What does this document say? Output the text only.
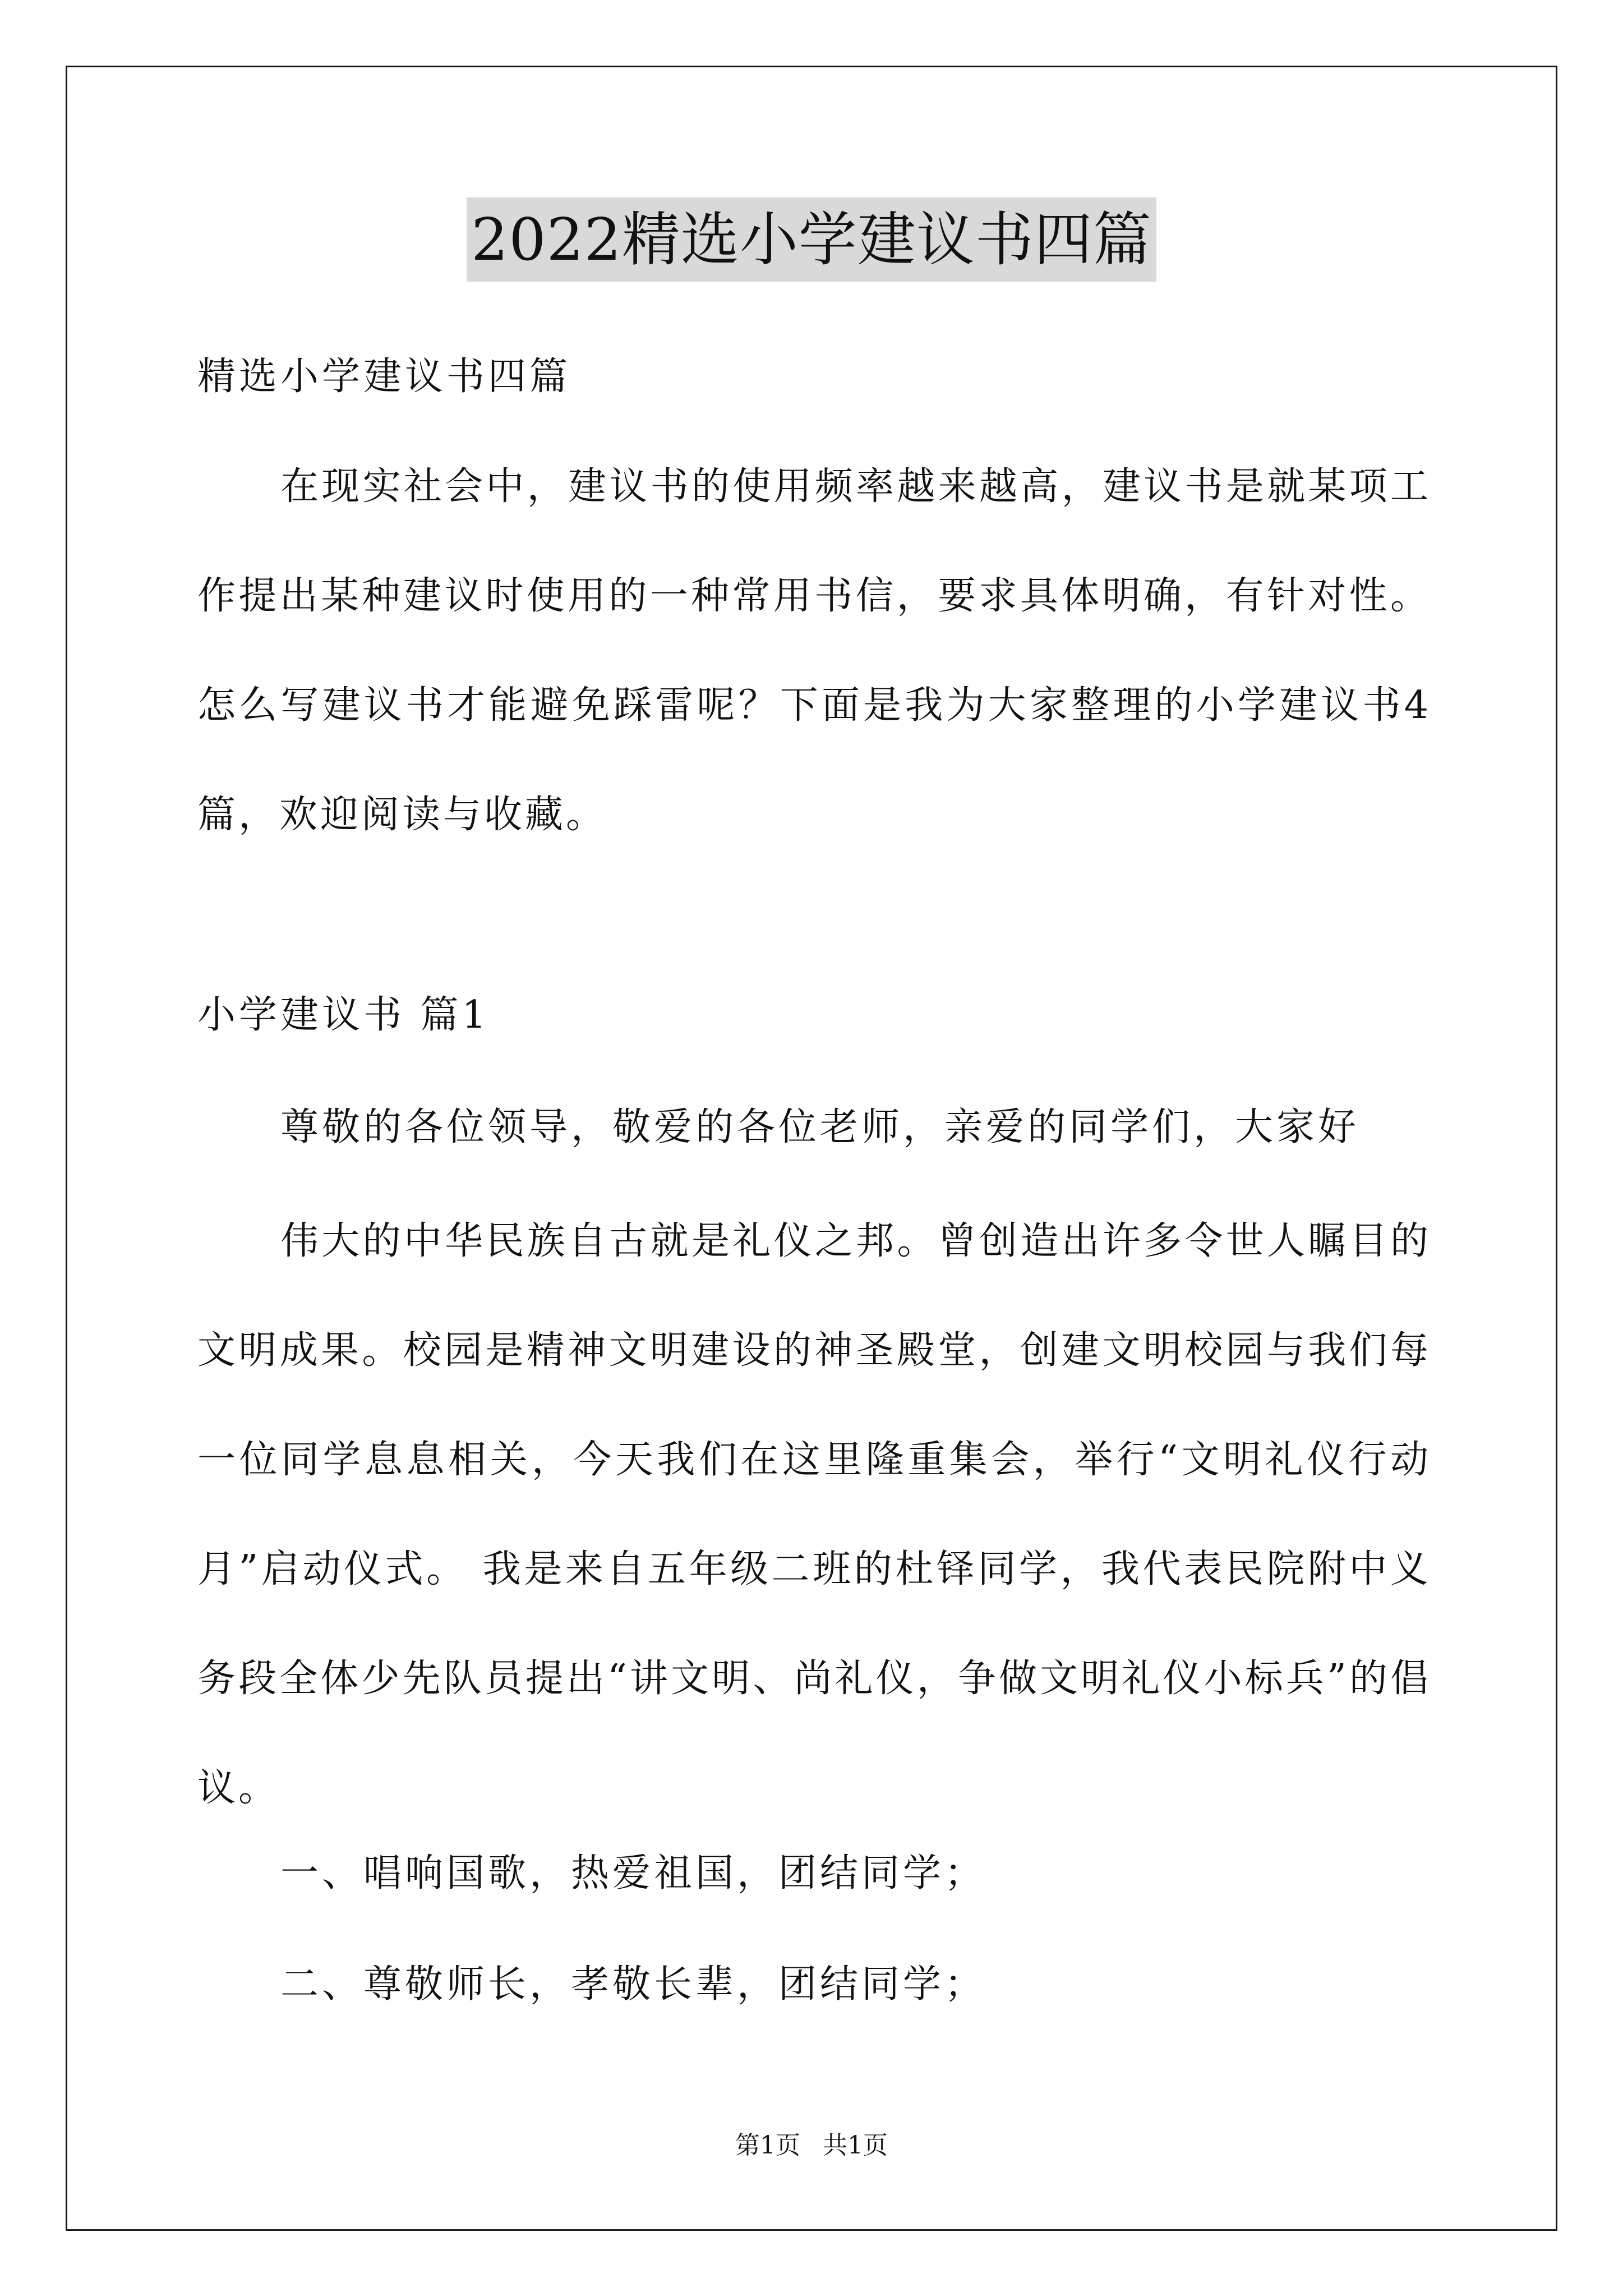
2022精选小学建议书四篇
精选小学建议书四篇
在现实社会中，建议书的使用频率越来越高，建议书是就某项工作提出某种建议时使用的一种常用书信，要求具体明确，有针对性。怎么写建议书才能避免踩雷呢？下面是我为大家整理的小学建议书4篇，欢迎阅读与收藏。
小学建议书 篇1
尊敬的各位领导，敬爱的各位老师，亲爱的同学们，大家好
伟大的中华民族自古就是礼仪之邦。曾创造出许多令世人瞩目的文明成果。校园是精神文明建设的神圣殿堂，创建文明校园与我们每一位同学息息相关，今天我们在这里隆重集会，举行“文明礼仪行动月”启动仪式。 我是来自五年级二班的杜铎同学，我代表民院附中义务段全体少先队员提出“讲文明、尚礼仪，争做文明礼仪小标兵”的倡议。
一、唱响国歌，热爱祖国，团结同学；
二、尊敬师长，孝敬长辈，团结同学；
第1页 共1页
